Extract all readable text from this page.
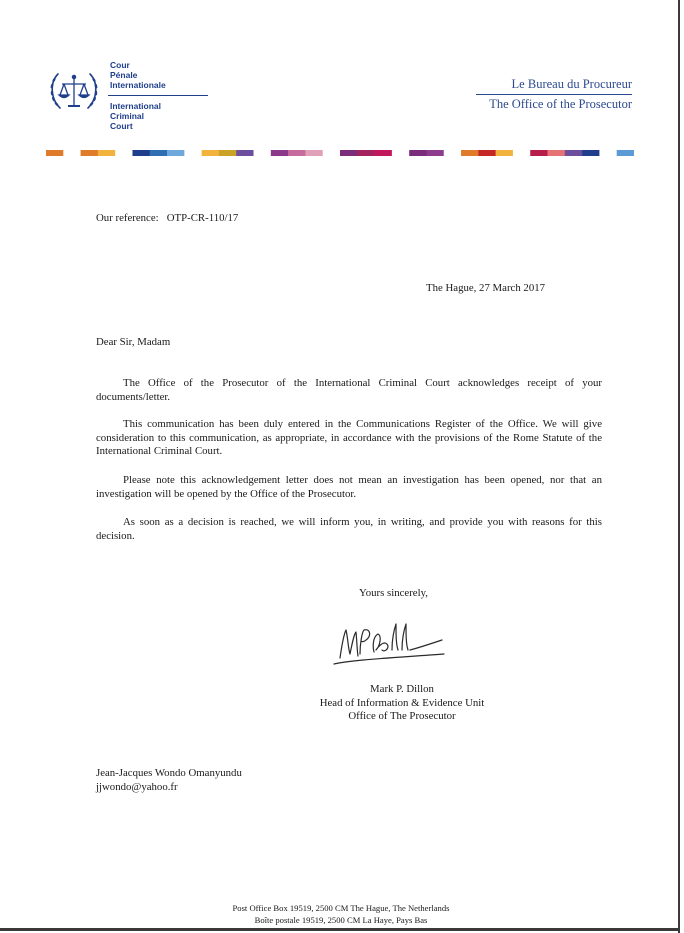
Cour
Pénale
Internationale
International
Criminal
Court
Le Bureau du Procureur
The Office of the Prosecutor
Our reference:   OTP-CR-110/17
The Hague, 27 March 2017
Dear Sir, Madam
The Office of the Prosecutor of the International Criminal Court acknowledges receipt of your documents/letter.
This communication has been duly entered in the Communications Register of the Office. We will give consideration to this communication, as appropriate, in accordance with the provisions of the Rome Statute of the International Criminal Court.
Please note this acknowledgement letter does not mean an investigation has been opened, nor that an investigation will be opened by the Office of the Prosecutor.
As soon as a decision is reached, we will inform you, in writing, and provide you with reasons for this decision.
Yours sincerely,
Mark P. Dillon
Head of Information & Evidence Unit
Office of The Prosecutor
Jean-Jacques Wondo Omanyundu
jjwondo@yahoo.fr
Post Office Box 19519, 2500 CM The Hague, The Netherlands
Boîte postale 19519, 2500 CM La Haye, Pays Bas
